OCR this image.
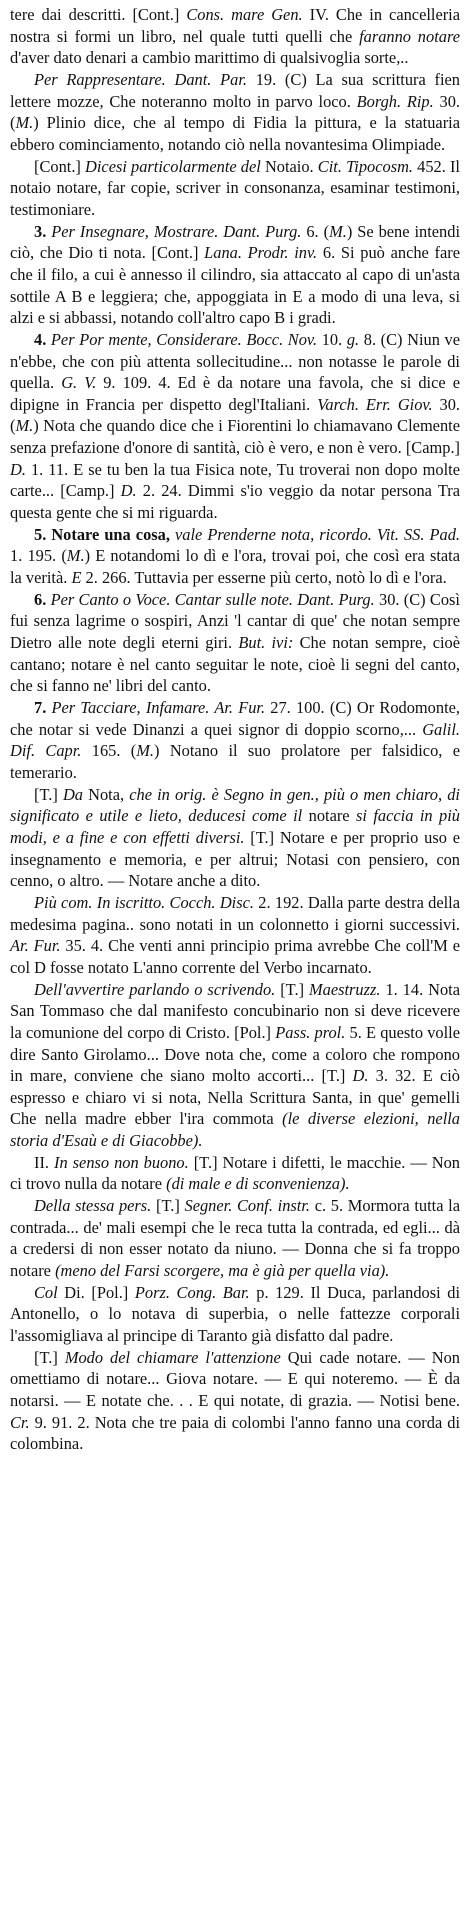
tere dai descritti. [Cont.] Cons. mare Gen. IV. Che in cancelleria nostra si formi un libro, nel quale tutti quelli che faranno notare d'aver dato denari a cambio marittimo di qualsivoglia sorte,..

Per Rappresentare. Dant. Par. 19. (C) La sua scrittura fien lettere mozze, Che noteranno molto in parvo loco. Borgh. Rip. 30. (M.) Plinio dice, che al tempo di Fidia la pittura, e la statuaria ebbero cominciamento, notando ciò nella novantesima Olimpiade.

[Cont.] Dicesi particolarmente del Notaio. Cit. Tipocosm. 452. Il notaio notare, far copie, scriver in consonanza, esaminar testimoni, testimoniare.

3. Per Insegnare, Mostrare. Dant. Purg. 6. (M.) Se bene intendi ciò, che Dio ti nota. [Cont.] Lana. Prodr. inv. 6. Si può anche fare che il filo, a cui è annesso il cilindro, sia attaccato al capo di un'asta sottile A B e leggiera; che, appoggiata in E a modo di una leva, si alzi e si abbassi, notando coll'altro capo B i gradi.

4. Per Por mente, Considerare. Bocc. Nov. 10. g. 8. (C) Niun ve n'ebbe, che con più attenta sollecitudine... non notasse le parole di quella. G. V. 9. 109. 4. Ed è da notare una favola, che si dice e dipigne in Francia per dispetto degl'Italiani. Varch. Err. Giov. 30. (M.) Nota che quando dice che i Fiorentini lo chiamavano Clemente senza prefazione d'onore di santità, ciò è vero, e non è vero. [Camp.] D. 1. 11. E se tu ben la tua Fisica note, Tu troverai non dopo molte carte... [Camp.] D. 2. 24. Dimmi s'io veggio da notar persona Tra questa gente che si mi riguarda.

5. Notare una cosa, vale Prenderne nota, ricordo. Vit. SS. Pad. 1. 195. (M.) E notandomi lo dì e l'ora, trovai poi, che così era stata la verità. E 2. 266. Tuttavia per esserne più certo, notò lo dì e l'ora.

6. Per Canto o Voce. Cantar sulle note. Dant. Purg. 30. (C) Così fui senza lagrime o sospiri, Anzi 'l cantar di que' che notan sempre Dietro alle note degli eterni giri. But. ivi: Che notan sempre, cioè cantano; notare è nel canto seguitar le note, cioè li segni del canto, che si fanno ne' libri del canto.

7. Per Tacciare, Infamare. Ar. Fur. 27. 100. (C) Or Rodomonte, che notar si vede Dinanzi a quei signor di doppio scorno,... Galil. Dif. Capr. 165. (M.) Notano il suo prolatore per falsidico, e temerario.

[T.] Da Nota, che in orig. è Segno in gen., più o men chiaro, di significato e utile e lieto, deducesi come il notare si faccia in più modi, e a fine e con effetti diversi. [T.] Notare e per proprio uso e insegnamento e memoria, e per altrui; Notasi con pensiero, con cenno, o altro. — Notare anche a dito.

Più com. In iscritto. Cocch. Disc. 2. 192. Dalla parte destra della medesima pagina.. sono notati in un colonnetto i giorni successivi. Ar. Fur. 35. 4. Che venti anni principio prima avrebbe Che coll'M e col D fosse notato L'anno corrente del Verbo incarnato.

Dell'avvertire parlando o scrivendo. [T.] Maestruzz. 1. 14. Nota San Tommaso che dal manifesto concubinario non si deve ricevere la comunione del corpo di Cristo. [Pol.] Pass. prol. 5. E questo volle dire Santo Girolamo... Dove nota che, come a coloro che rompono in mare, conviene che siano molto accorti... [T.] D. 3. 32. E ciò espresso e chiaro vi si nota, Nella Scrittura Santa, in que' gemelli Che nella madre ebber l'ira commota (le diverse elezioni, nella storia d'Esaù e di Giacobbe).

II. In senso non buono. [T.] Notare i difetti, le macchie. — Non ci trovo nulla da notare (di male e di sconvenienza).

Della stessa pers. [T.] Segner. Conf. instr. c. 5. Mormora tutta la contrada... de' mali esempi che le reca tutta la contrada, ed egli... dà a credersi di non esser notato da niuno. — Donna che si fa troppo notare (meno del Farsi scorgere, ma è già per quella via).

Col Di. [Pol.] Porz. Cong. Bar. p. 129. Il Duca, parlandosi di Antonello, o lo notava di superbia, o nelle fattezze corporali l'assomigliava al principe di Taranto già disfatto dal padre.

[T.] Modo del chiamare l'attenzione Qui cade notare. — Non omettiamo di notare... Giova notare. — E qui noteremo. — È da notarsi. — E notate che. . . E qui notate, di grazia. — Notisi bene. Cr. 9. 91. 2. Nota che tre paia di colombi l'anno fanno una corda di colombina.
